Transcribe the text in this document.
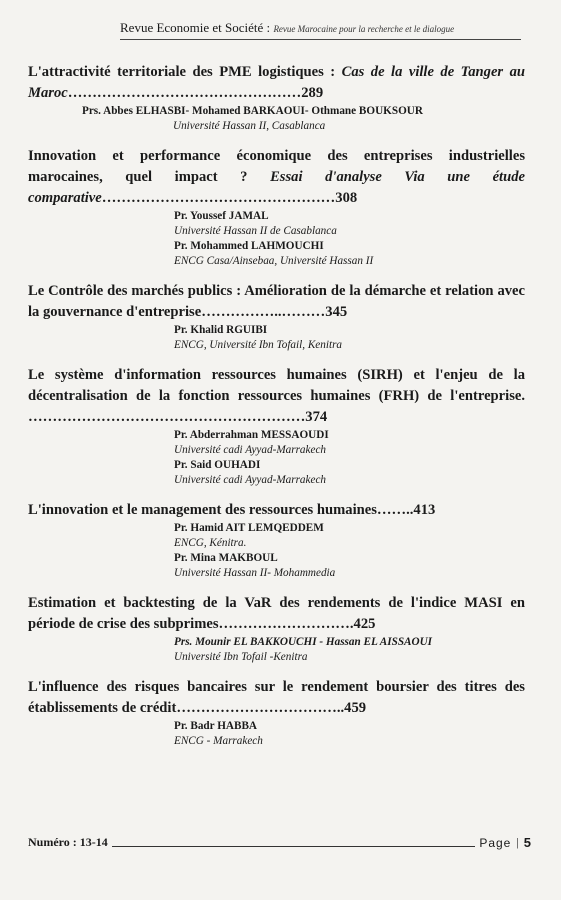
Revue Economie et Société : Revue Marocaine pour la recherche et le dialogue

L'attractivité territoriale des PME logistiques : Cas de la ville de Tanger au Maroc…………………………………………289

Prs. Abbes ELHASBI- Mohamed BARKAOUI- Othmane BOUKSOUR

Université Hassan II, Casablanca

Innovation et performance économique des entreprises industrielles marocaines, quel impact ? Essai d'analyse Via une étude comparative…………………………………………308

Pr. Youssef JAMAL

Université Hassan II de Casablanca

Pr. Mohammed LAHMOUCHI

ENCG Casa/Ainsebaa, Université Hassan II

Le Contrôle des marchés publics : Amélioration de la démarche et relation avec la gouvernance d'entreprise……………..………345

Pr. Khalid RGUIBI

ENCG, Université Ibn Tofail, Kenitra

Le système d'information ressources humaines (SIRH) et l'enjeu de la décentralisation de la fonction ressources humaines (FRH) de l'entreprise. …………………………………………………374

Pr. Abderrahman MESSAOUDI

Université cadi Ayyad-Marrakech

Pr. Said OUHADI

Université cadi Ayyad-Marrakech

L'innovation et le management des ressources humaines……..413

Pr. Hamid AIT LEMQEDDEM

ENCG, Kénitra.

Pr. Mina MAKBOUL

Université Hassan II- Mohammedia

Estimation et backtesting de la VaR des rendements de l'indice MASI en période de crise des subprimes……………………….425

Prs. Mounir EL BAKKOUCHI - Hassan EL AISSAOUI

Université Ibn Tofail -Kenitra

L'influence des risques bancaires sur le rendement boursier des titres des établissements de crédit……………………………..459

Pr. Badr HABBA

ENCG - Marrakech

Numéro : 13-14	Page | 5
